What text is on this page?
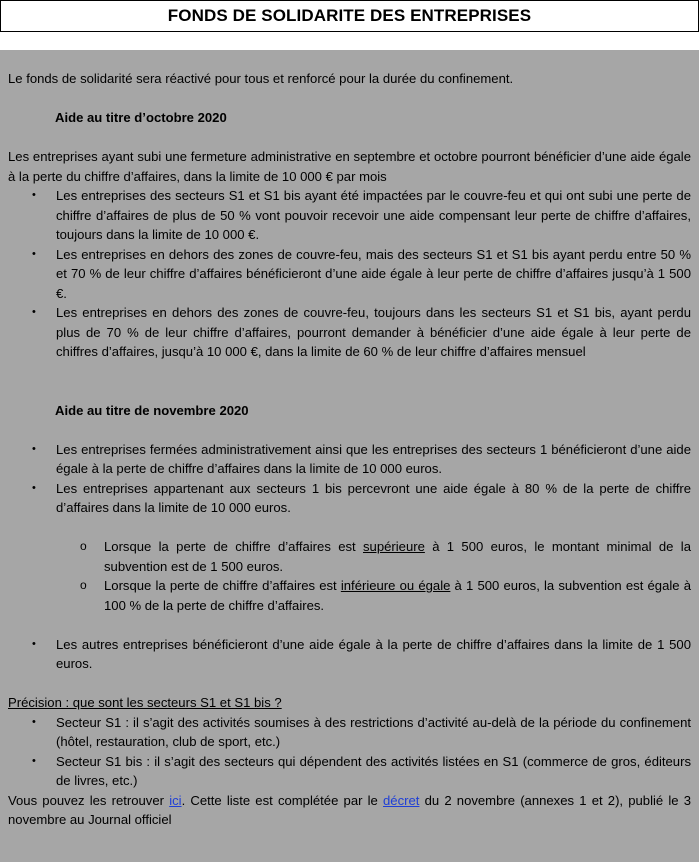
FONDS DE SOLIDARITE DES ENTREPRISES

Le fonds de solidarité sera réactivé pour tous et renforcé pour la durée du confinement.

Aide au titre d’octobre 2020

Les entreprises ayant subi une fermeture administrative en septembre et octobre pourront bénéficier d’une aide égale à la perte du chiffre d’affaires, dans la limite de 10 000 € par mois

• Les entreprises des secteurs S1 et S1 bis ayant été impactées par le couvre-feu et qui ont subi une perte de chiffre d’affaires de plus de 50 % vont pouvoir recevoir une aide compensant leur perte de chiffre d’affaires, toujours dans la limite de 10 000 €.
• Les entreprises en dehors des zones de couvre-feu, mais des secteurs S1 et S1 bis ayant perdu entre 50 % et 70 % de leur chiffre d’affaires bénéficieront d’une aide égale à leur perte de chiffre d’affaires jusqu’à 1 500 €.
• Les entreprises en dehors des zones de couvre-feu, toujours dans les secteurs S1 et S1 bis, ayant perdu plus de 70 % de leur chiffre d’affaires, pourront demander à bénéficier d’une aide égale à leur perte de chiffres d’affaires, jusqu’à 10 000 €, dans la limite de 60 % de leur chiffre d’affaires mensuel

Aide au titre de novembre 2020

• Les entreprises fermées administrativement ainsi que les entreprises des secteurs 1 bénéficieront d’une aide égale à la perte de chiffre d’affaires dans la limite de 10 000 euros.
• Les entreprises appartenant aux secteurs 1 bis percevront une aide égale à 80 % de la perte de chiffre d’affaires dans la limite de 10 000 euros.
o Lorsque la perte de chiffre d’affaires est supérieure à 1 500 euros, le montant minimal de la subvention est de 1 500 euros.
o Lorsque la perte de chiffre d’affaires est inférieure ou égale à 1 500 euros, la subvention est égale à 100 % de la perte de chiffre d’affaires.
• Les autres entreprises bénéficieront d’une aide égale à la perte de chiffre d’affaires dans la limite de 1 500 euros.

Précision : que sont les secteurs S1 et S1 bis ?

• Secteur S1 : il s’agit des activités soumises à des restrictions d’activité au-delà de la période du confinement (hôtel, restauration, club de sport, etc.)
• Secteur S1 bis : il s’agit des secteurs qui dépendent des activités listées en S1 (commerce de gros, éditeurs de livres, etc.)

Vous pouvez les retrouver ici. Cette liste est complétée par le décret du 2 novembre (annexes 1 et 2), publié le 3 novembre au Journal officiel
